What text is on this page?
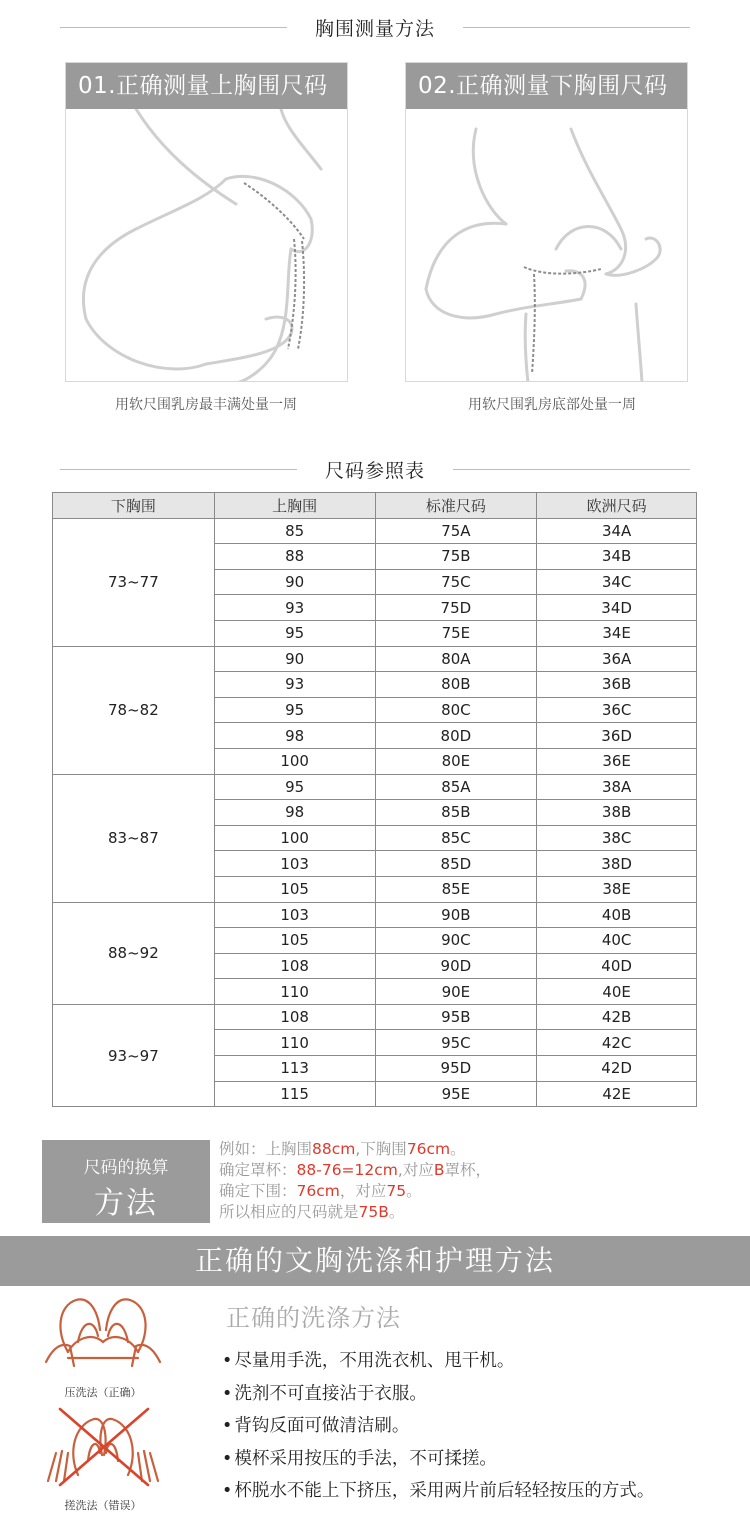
胸围测量方法
01.正确测量上胸围尺码
用软尺围乳房最丰满处量一周
02.正确测量下胸围尺码
用软尺围乳房底部处量一周
尺码参照表
下胸围	上胸围	标准尺码	欧洲尺码
73~77	85	75A	34A
	88	75B	34B
	90	75C	34C
	93	75D	34D
	95	75E	34E
78~82	90	80A	36A
	93	80B	36B
	95	80C	36C
	98	80D	36D
	100	80E	36E
83~87	95	85A	38A
	98	85B	38B
	100	85C	38C
	103	85D	38D
	105	85E	38E
88~92	103	90B	40B
	105	90C	40C
	108	90D	40D
	110	90E	40E
93~97	108	95B	42B
	110	95C	42C
	113	95D	42D
	115	95E	42E
尺码的换算
方法
例如：上胸围88cm,下胸围76cm。
确定罩杯：88-76=12cm,对应B罩杯，
确定下围：76cm，对应75。
所以相应的尺码就是75B。
正确的文胸洗涤和护理方法
压洗法（正确）
搓洗法（错误）
正确的洗涤方法
• 尽量用手洗，不用洗衣机、甩干机。
• 洗剂不可直接沾于衣服。
• 背钩反面可做清洁刷。
• 模杯采用按压的手法，不可揉搓。
• 杯脱水不能上下挤压，采用两片前后轻轻按压的方式。
